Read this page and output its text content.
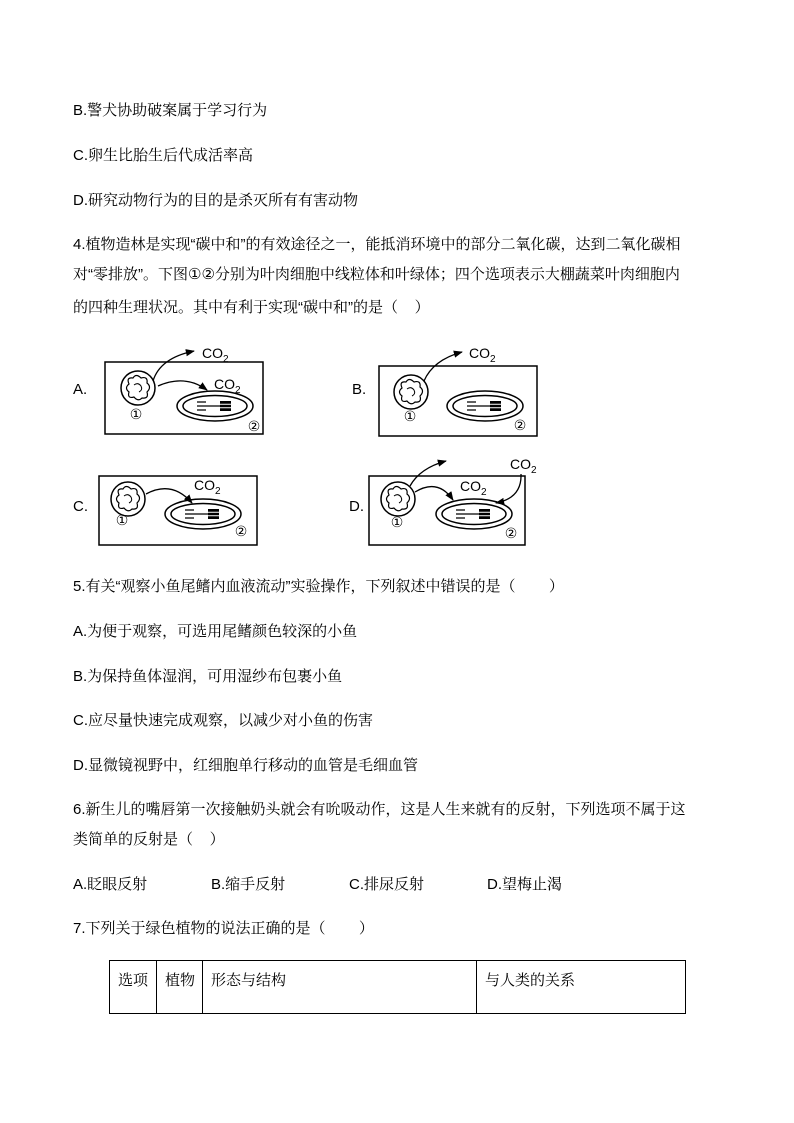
B.警犬协助破案属于学习行为
C.卵生比胎生后代成活率高
D.研究动物行为的目的是杀灭所有有害动物
4.植物造林是实现“碳中和”的有效途径之一，能抵消环境中的部分二氧化碳，达到二氧化碳相
对“零排放”。下图①②分别为叶肉细胞中线粒体和叶绿体；四个选项表示大棚蔬菜叶肉细胞内
的四种生理状况。其中有利于实现“碳中和”的是（    ）
A.	B.
C.	D.
①
②
$CO_2$
$CO_2$
①
②
$CO_2$
①
②
$CO_2$
①
②
$CO_2$
$CO_2$
5.有关“观察小鱼尾鳍内血液流动”实验操作，下列叙述中错误的是（        ）
A.为便于观察，可选用尾鳍颜色较深的小鱼
B.为保持鱼体湿润，可用湿纱布包裹小鱼
C.应尽量快速完成观察，以减少对小鱼的伤害
D.显微镜视野中，红细胞单行移动的血管是毛细血管
6.新生儿的嘴唇第一次接触奶头就会有吮吸动作，这是人生来就有的反射，下列选项不属于这
类简单的反射是（    ）
A.眨眼反射	B.缩手反射	C.排尿反射	D.望梅止渴
7.下列关于绿色植物的说法正确的是（        ）
选项	植物	形态与结构	与人类的关系
